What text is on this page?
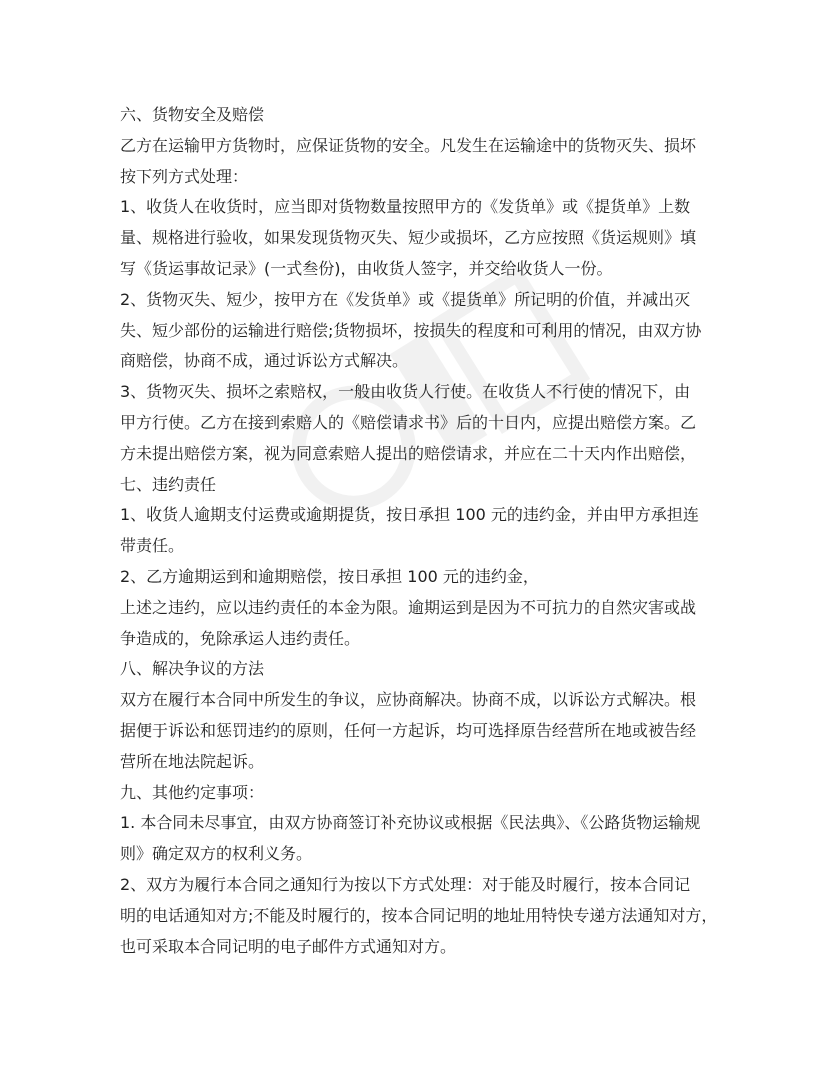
六、货物安全及赔偿
乙方在运输甲方货物时，应保证货物的安全。凡发生在运输途中的货物灭失、损坏
按下列方式处理：
1、收货人在收货时，应当即对货物数量按照甲方的《发货单》或《提货单》上数
量、规格进行验收，如果发现货物灭失、短少或损坏，乙方应按照《货运规则》填
写《货运事故记录》(一式叁份)，由收货人签字，并交给收货人一份。
2、货物灭失、短少，按甲方在《发货单》或《提货单》所记明的价值，并减出灭
失、短少部份的运输进行赔偿;货物损坏，按损失的程度和可利用的情况，由双方协
商赔偿，协商不成，通过诉讼方式解决。
3、货物灭失、损坏之索赔权，一般由收货人行使。在收货人不行使的情况下，由
甲方行使。乙方在接到索赔人的《赔偿请求书》后的十日内，应提出赔偿方案。乙
方未提出赔偿方案，视为同意索赔人提出的赔偿请求，并应在二十天内作出赔偿，
七、违约责任
1、收货人逾期支付运费或逾期提货，按日承担 100 元的违约金，并由甲方承担连
带责任。
2、乙方逾期运到和逾期赔偿，按日承担 100 元的违约金，
上述之违约，应以违约责任的本金为限。逾期运到是因为不可抗力的自然灾害或战
争造成的，免除承运人违约责任。
八、解决争议的方法
双方在履行本合同中所发生的争议，应协商解决。协商不成，以诉讼方式解决。根
据便于诉讼和惩罚违约的原则，任何一方起诉，均可选择原告经营所在地或被告经
营所在地法院起诉。
九、其他约定事项：
1. 本合同未尽事宜，由双方协商签订补充协议或根据《民法典》、《公路货物运输规
则》确定双方的权利义务。
2、双方为履行本合同之通知行为按以下方式处理：对于能及时履行，按本合同记
明的电话通知对方;不能及时履行的，按本合同记明的地址用特快专递方法通知对方，
也可采取本合同记明的电子邮件方式通知对方。
